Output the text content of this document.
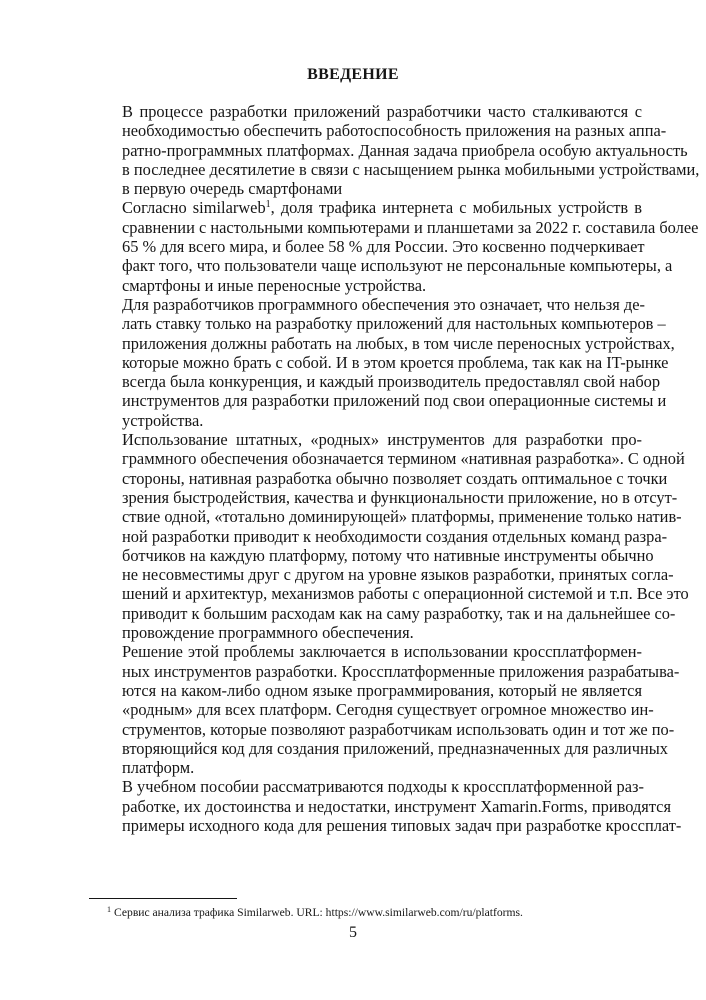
ВВЕДЕНИЕ

В процессе разработки приложений разработчики часто сталкиваются с
необходимостью обеспечить работоспособность приложения на разных аппа-
ратно-программных платформах. Данная задача приобрела особую актуальность
в последнее десятилетие в связи с насыщением рынка мобильными устройствами,
в первую очередь смартфонами

Согласно similarweb$^1$, доля трафика интернета с мобильных устройств в
сравнении с настольными компьютерами и планшетами за 2022 г. составила более
65 % для всего мира, и более 58 % для России. Это косвенно подчеркивает
факт того, что пользователи чаще используют не персональные компьютеры, а
смартфоны и иные переносные устройства.

Для разработчиков программного обеспечения это означает, что нельзя де-
лать ставку только на разработку приложений для настольных компьютеров –
приложения должны работать на любых, в том числе переносных устройствах,
которые можно брать с собой. И в этом кроется проблема, так как на IT-рынке
всегда была конкуренция, и каждый производитель предоставлял свой набор
инструментов для разработки приложений под свои операционные системы и
устройства.

Использование штатных, «родных» инструментов для разработки про-
граммного обеспечения обозначается термином «нативная разработка». С одной
стороны, нативная разработка обычно позволяет создать оптимальное с точки
зрения быстродействия, качества и функциональности приложение, но в отсут-
ствие одной, «тотально доминирующей» платформы, применение только натив-
ной разработки приводит к необходимости создания отдельных команд разра-
ботчиков на каждую платформу, потому что нативные инструменты обычно
не несовместимы друг с другом на уровне языков разработки, принятых согла-
шений и архитектур, механизмов работы с операционной системой и т.п. Все это
приводит к большим расходам как на саму разработку, так и на дальнейшее со-
провождение программного обеспечения.

Решение этой проблемы заключается в использовании кроссплатформен-
ных инструментов разработки. Кроссплатформенные приложения разрабатыва-
ются на каком-либо одном языке программирования, который не является
«родным» для всех платформ. Сегодня существует огромное множество ин-
струментов, которые позволяют разработчикам использовать один и тот же по-
вторяющийся код для создания приложений, предназначенных для различных
платформ.

В учебном пособии рассматриваются подходы к кроссплатформенной раз-
работке, их достоинства и недостатки, инструмент Xamarin.Forms, приводятся
примеры исходного кода для решения типовых задач при разработке кроссплат-

$^1$ Сервис анализа трафика Similarweb. URL: https://www.similarweb.com/ru/platforms.
5
